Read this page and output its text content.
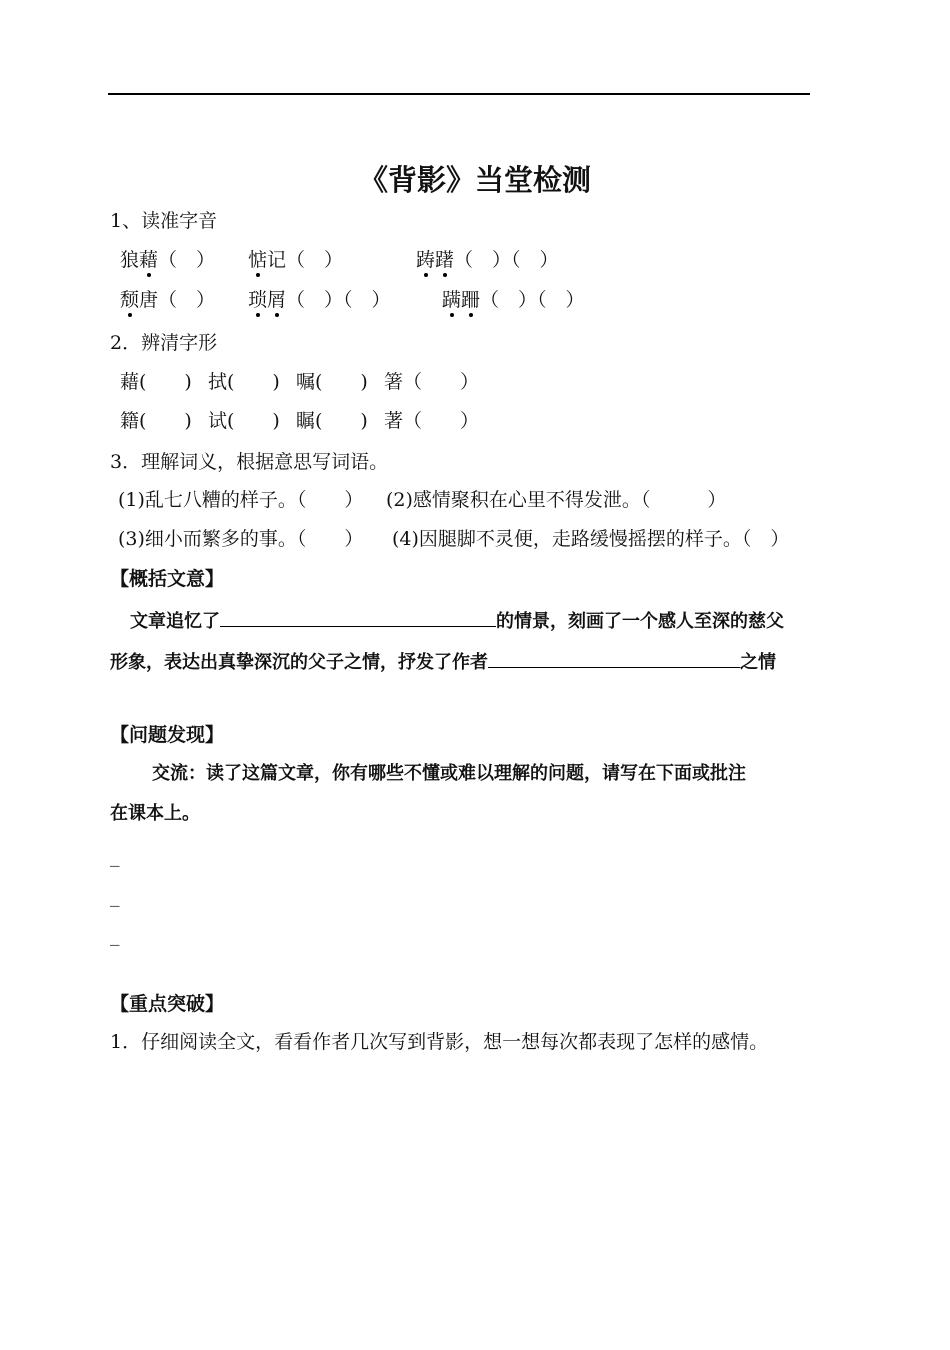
《背影》当堂检测
1、读准字音
狼藉（　） 惦记（　）	踌躇（　）（　）
颓唐（　） 琐屑（　）（　）	蹒跚（　）（　）
2．辨清字形
藉(　　) 拭(　　) 嘱(　　) 箸（　　）
籍(　　) 试(　　) 瞩(　　) 著（　　）
3．理解词义，根据意思写词语。
(1)乱七八糟的样子。（　　） (2)感情聚积在心里不得发泄。（　　　）
(3)细小而繁多的事。（　　） (4)因腿脚不灵便，走路缓慢摇摆的样子。（　）
【概括文意】
文章追忆了	的情景，刻画了一个感人至深的慈父
形象，表达出真挚深沉的父子之情，抒发了作者	之情
【问题发现】
交流：读了这篇文章，你有哪些不懂或难以理解的问题，请写在下面或批注
在课本上。
_
_
_
【重点突破】
1．仔细阅读全文，看看作者几次写到背影，想一想每次都表现了怎样的感情。
